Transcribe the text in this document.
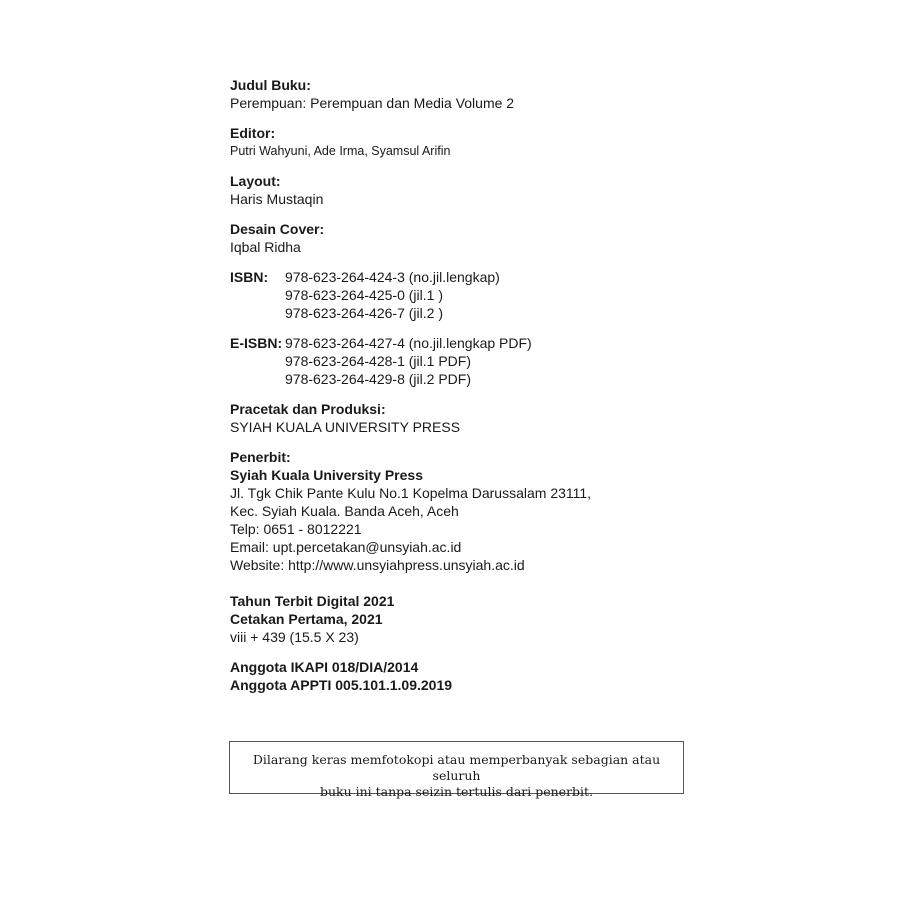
Judul Buku:
Perempuan: Perempuan dan Media Volume 2
Editor:
Putri Wahyuni, Ade Irma, Syamsul Arifin
Layout:
Haris Mustaqin
Desain Cover:
Iqbal Ridha
ISBN:	978-623-264-424-3 (no.jil.lengkap)
978-623-264-425-0 (jil.1 )
978-623-264-426-7 (jil.2 )
E-ISBN: 978-623-264-427-4 (no.jil.lengkap PDF)
978-623-264-428-1 (jil.1 PDF)
978-623-264-429-8 (jil.2 PDF)
Pracetak dan Produksi:
SYIAH KUALA UNIVERSITY PRESS
Penerbit:
Syiah Kuala University Press
Jl. Tgk Chik Pante Kulu No.1 Kopelma Darussalam 23111,
Kec. Syiah Kuala. Banda Aceh, Aceh
Telp: 0651 - 8012221
Email: upt.percetakan@unsyiah.ac.id
Website: http://www.unsyiahpress.unsyiah.ac.id
Tahun Terbit Digital 2021
Cetakan Pertama, 2021
viii + 439 (15.5 X 23)
Anggota IKAPI 018/DIA/2014
Anggota APPTI 005.101.1.09.2019
Dilarang keras memfotokopi atau memperbanyak sebagian atau seluruh
buku ini tanpa seizin tertulis dari penerbit.
